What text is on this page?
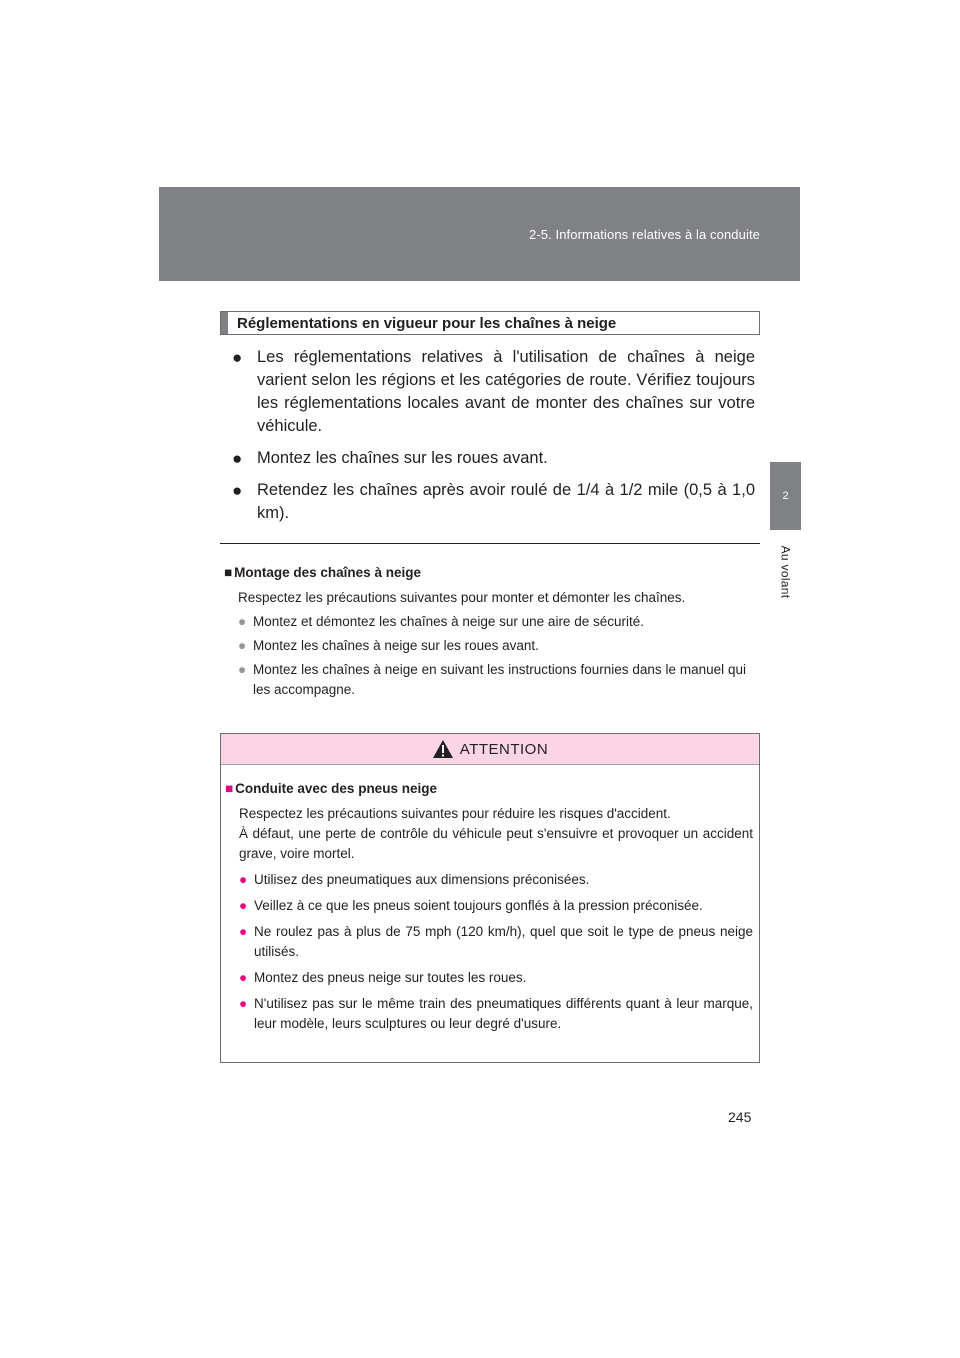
2-5. Informations relatives à la conduite
2
Au volant
Réglementations en vigueur pour les chaînes à neige
● Les réglementations relatives à l'utilisation de chaînes à neige varient selon les régions et les catégories de route. Vérifiez toujours les réglementations locales avant de monter des chaînes sur votre véhicule.
● Montez les chaînes sur les roues avant.
● Retendez les chaînes après avoir roulé de 1/4 à 1/2 mile (0,5 à 1,0 km).
■ Montage des chaînes à neige
Respectez les précautions suivantes pour monter et démonter les chaînes.
● Montez et démontez les chaînes à neige sur une aire de sécurité.
● Montez les chaînes à neige sur les roues avant.
● Montez les chaînes à neige en suivant les instructions fournies dans le manuel qui les accompagne.
ATTENTION
■ Conduite avec des pneus neige
Respectez les précautions suivantes pour réduire les risques d'accident.
À défaut, une perte de contrôle du véhicule peut s'ensuivre et provoquer un accident grave, voire mortel.
● Utilisez des pneumatiques aux dimensions préconisées.
● Veillez à ce que les pneus soient toujours gonflés à la pression préconisée.
● Ne roulez pas à plus de 75 mph (120 km/h), quel que soit le type de pneus neige utilisés.
● Montez des pneus neige sur toutes les roues.
● N'utilisez pas sur le même train des pneumatiques différents quant à leur marque, leur modèle, leurs sculptures ou leur degré d'usure.
245
